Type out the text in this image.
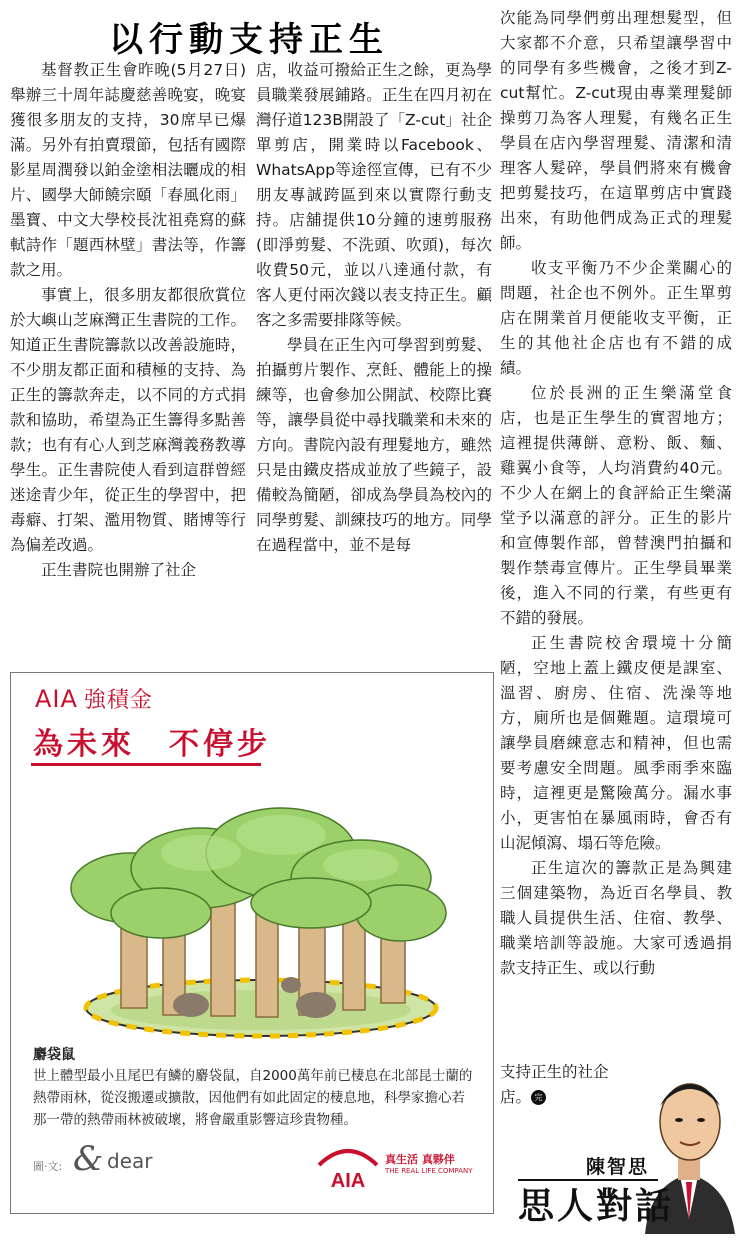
以行動支持正生

基督教正生會昨晚(5月27日)舉辦三十周年誌慶慈善晚宴，晚宴獲很多朋友的支持，30席早已爆滿。另外有拍賣環節，包括有國際影星周潤發以鉑金塗相法曬成的相片、國學大師饒宗頤「春風化雨」墨寶、中文大學校長沈祖堯寫的蘇軾詩作「題西林壁」書法等，作籌款之用。

事實上，很多朋友都很欣賞位於大嶼山芝麻灣正生書院的工作。知道正生書院籌款以改善設施時，不少朋友都正面和積極的支持、為正生的籌款奔走，以不同的方式捐款和協助，希望為正生籌得多點善款；也有有心人到芝麻灣義務教導學生。正生書院使人看到這群曾經迷途青少年，從正生的學習中，把毒癖、打架、濫用物質、賭博等行為偏差改過。

正生書院也開辦了社企

店，收益可撥給正生之餘，更為學員職業發展鋪路。正生在四月初在灣仔道123B開設了「Z-cut」社企單剪店，開業時以Facebook、WhatsApp等途徑宣傳，已有不少朋友專誠跨區到來以實際行動支持。店舖提供10分鐘的速剪服務(即淨剪髮、不洗頭、吹頭)，每次收費50元，並以八達通付款，有客人更付兩次錢以表支持正生。顧客之多需要排隊等候。

學員在正生內可學習到剪髮、拍攝剪片製作、烹飪、體能上的操練等，也會參加公開試、校際比賽等，讓學員從中尋找職業和未來的方向。書院內設有理髮地方，雖然只是由鐵皮搭成並放了些鏡子，設備較為簡陋，卻成為學員為校內的同學剪髮、訓練技巧的地方。同學在過程當中，並不是每

次能為同學們剪出理想髮型，但大家都不介意，只希望讓學習中的同學有多些機會，之後才到Z-cut幫忙。Z-cut現由專業理髮師操剪刀為客人理髮，有幾名正生學員在店內學習理髮、清潔和清理客人髮碎，學員們將來有機會把剪髮技巧，在這單剪店中實踐出來，有助他們成為正式的理髮師。

收支平衡乃不少企業關心的問題，社企也不例外。正生單剪店在開業首月便能收支平衡，正生的其他社企店也有不錯的成績。

位於長洲的正生樂滿堂食店，也是正生學生的實習地方；這裡提供薄餅、意粉、飯、麵、雞翼小食等，人均消費約40元。不少人在網上的食評給正生樂滿堂予以滿意的評分。正生的影片和宣傳製作部，曾替澳門拍攝和製作禁毒宣傳片。正生學員畢業後，進入不同的行業，有些更有不錯的發展。

正生書院校舍環境十分簡陋，空地上蓋上鐵皮便是課室、溫習、廚房、住宿、洗澡等地方，廁所也是個難題。這環境可讓學員磨練意志和精神，但也需要考慮安全問題。風季雨季來臨時，這裡更是驚險萬分。漏水事小，更害怕在暴風雨時，會否有山泥傾瀉、塌石等危險。

正生這次的籌款正是為興建三個建築物，為近百名學員、教職人員提供生活、住宿、教學、職業培訓等設施。大家可透過捐款支持正生、或以行動

支持正生的社企

店。 完

AIA 強積金
為未來　不停步
麝袋鼠
世上體型最小且尾巴有鱗的麝袋鼠，自2000萬年前已棲息在北部昆士蘭的熱帶雨林，從沒搬遷或擴散，因他們有如此固定的棲息地，科學家擔心若那一帶的熱帶雨林被破壞，將會嚴重影響這珍貴物種。
圖·文: & dear
AIA
真生活 真夥伴
THE REAL LIFE COMPANY	陳智思
思人對話
